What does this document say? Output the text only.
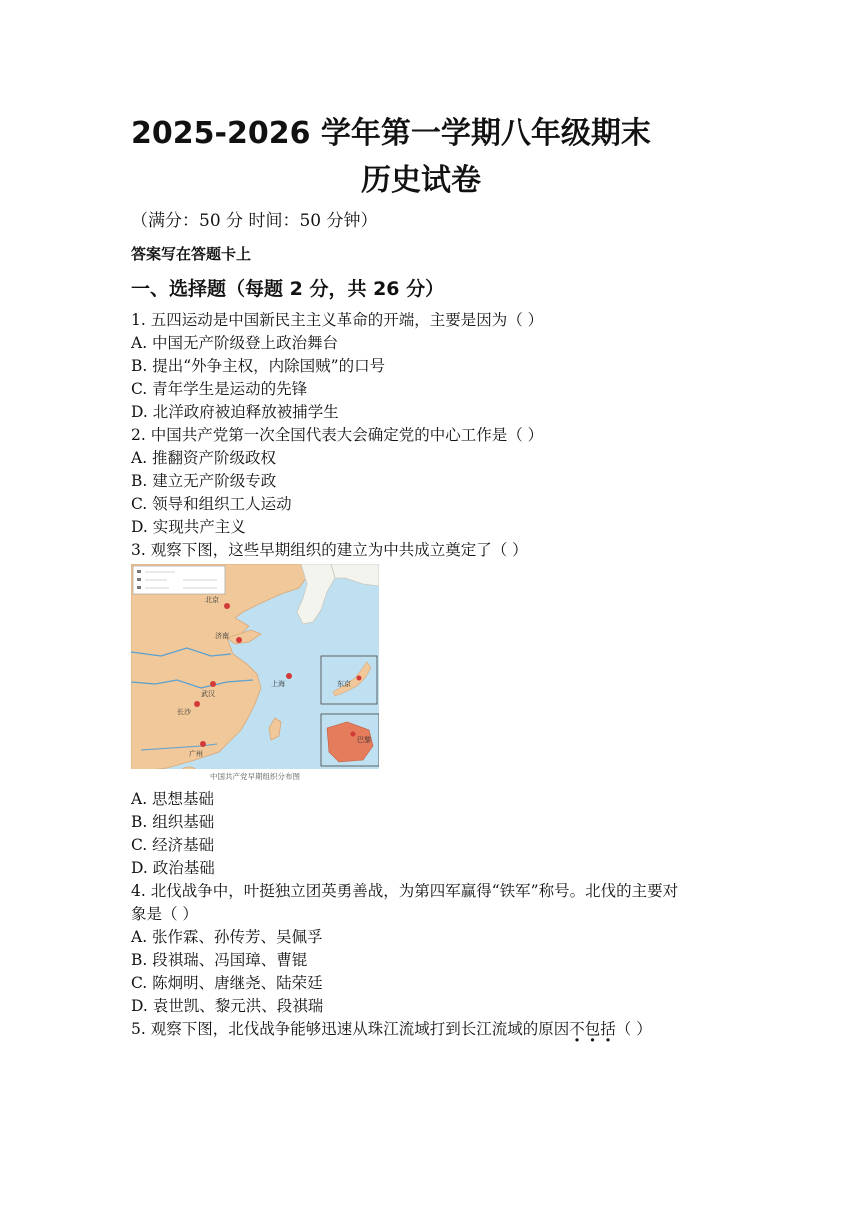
2025-2026 学年第一学期八年级期末
历史试卷
（满分：50 分 时间：50 分钟）
答案写在答题卡上
一、选择题（每题 2 分，共 26 分）
1. 五四运动是中国新民主主义革命的开端，主要是因为（ ）
A. 中国无产阶级登上政治舞台
B. 提出“外争主权，内除国贼”的口号
C. 青年学生是运动的先锋
D. 北洋政府被迫释放被捕学生
2. 中国共产党第一次全国代表大会确定党的中心工作是（ ）
A. 推翻资产阶级政权
B. 建立无产阶级专政
C. 领导和组织工人运动
D. 实现共产主义
3. 观察下图，这些早期组织的建立为中共成立奠定了（ ）
北京
济南
上海
武汉
长沙
广州
东京
巴黎
中国共产党早期组织分布图
A. 思想基础
B. 组织基础
C. 经济基础
D. 政治基础
4. 北伐战争中，叶挺独立团英勇善战，为第四军赢得“铁军”称号。北伐的主要对
象是（ ）
A. 张作霖、孙传芳、吴佩孚
B. 段祺瑞、冯国璋、曹锟
C. 陈炯明、唐继尧、陆荣廷
D. 袁世凯、黎元洪、段祺瑞
5. 观察下图，北伐战争能够迅速从珠江流域打到长江流域的原因不包括（ ）
